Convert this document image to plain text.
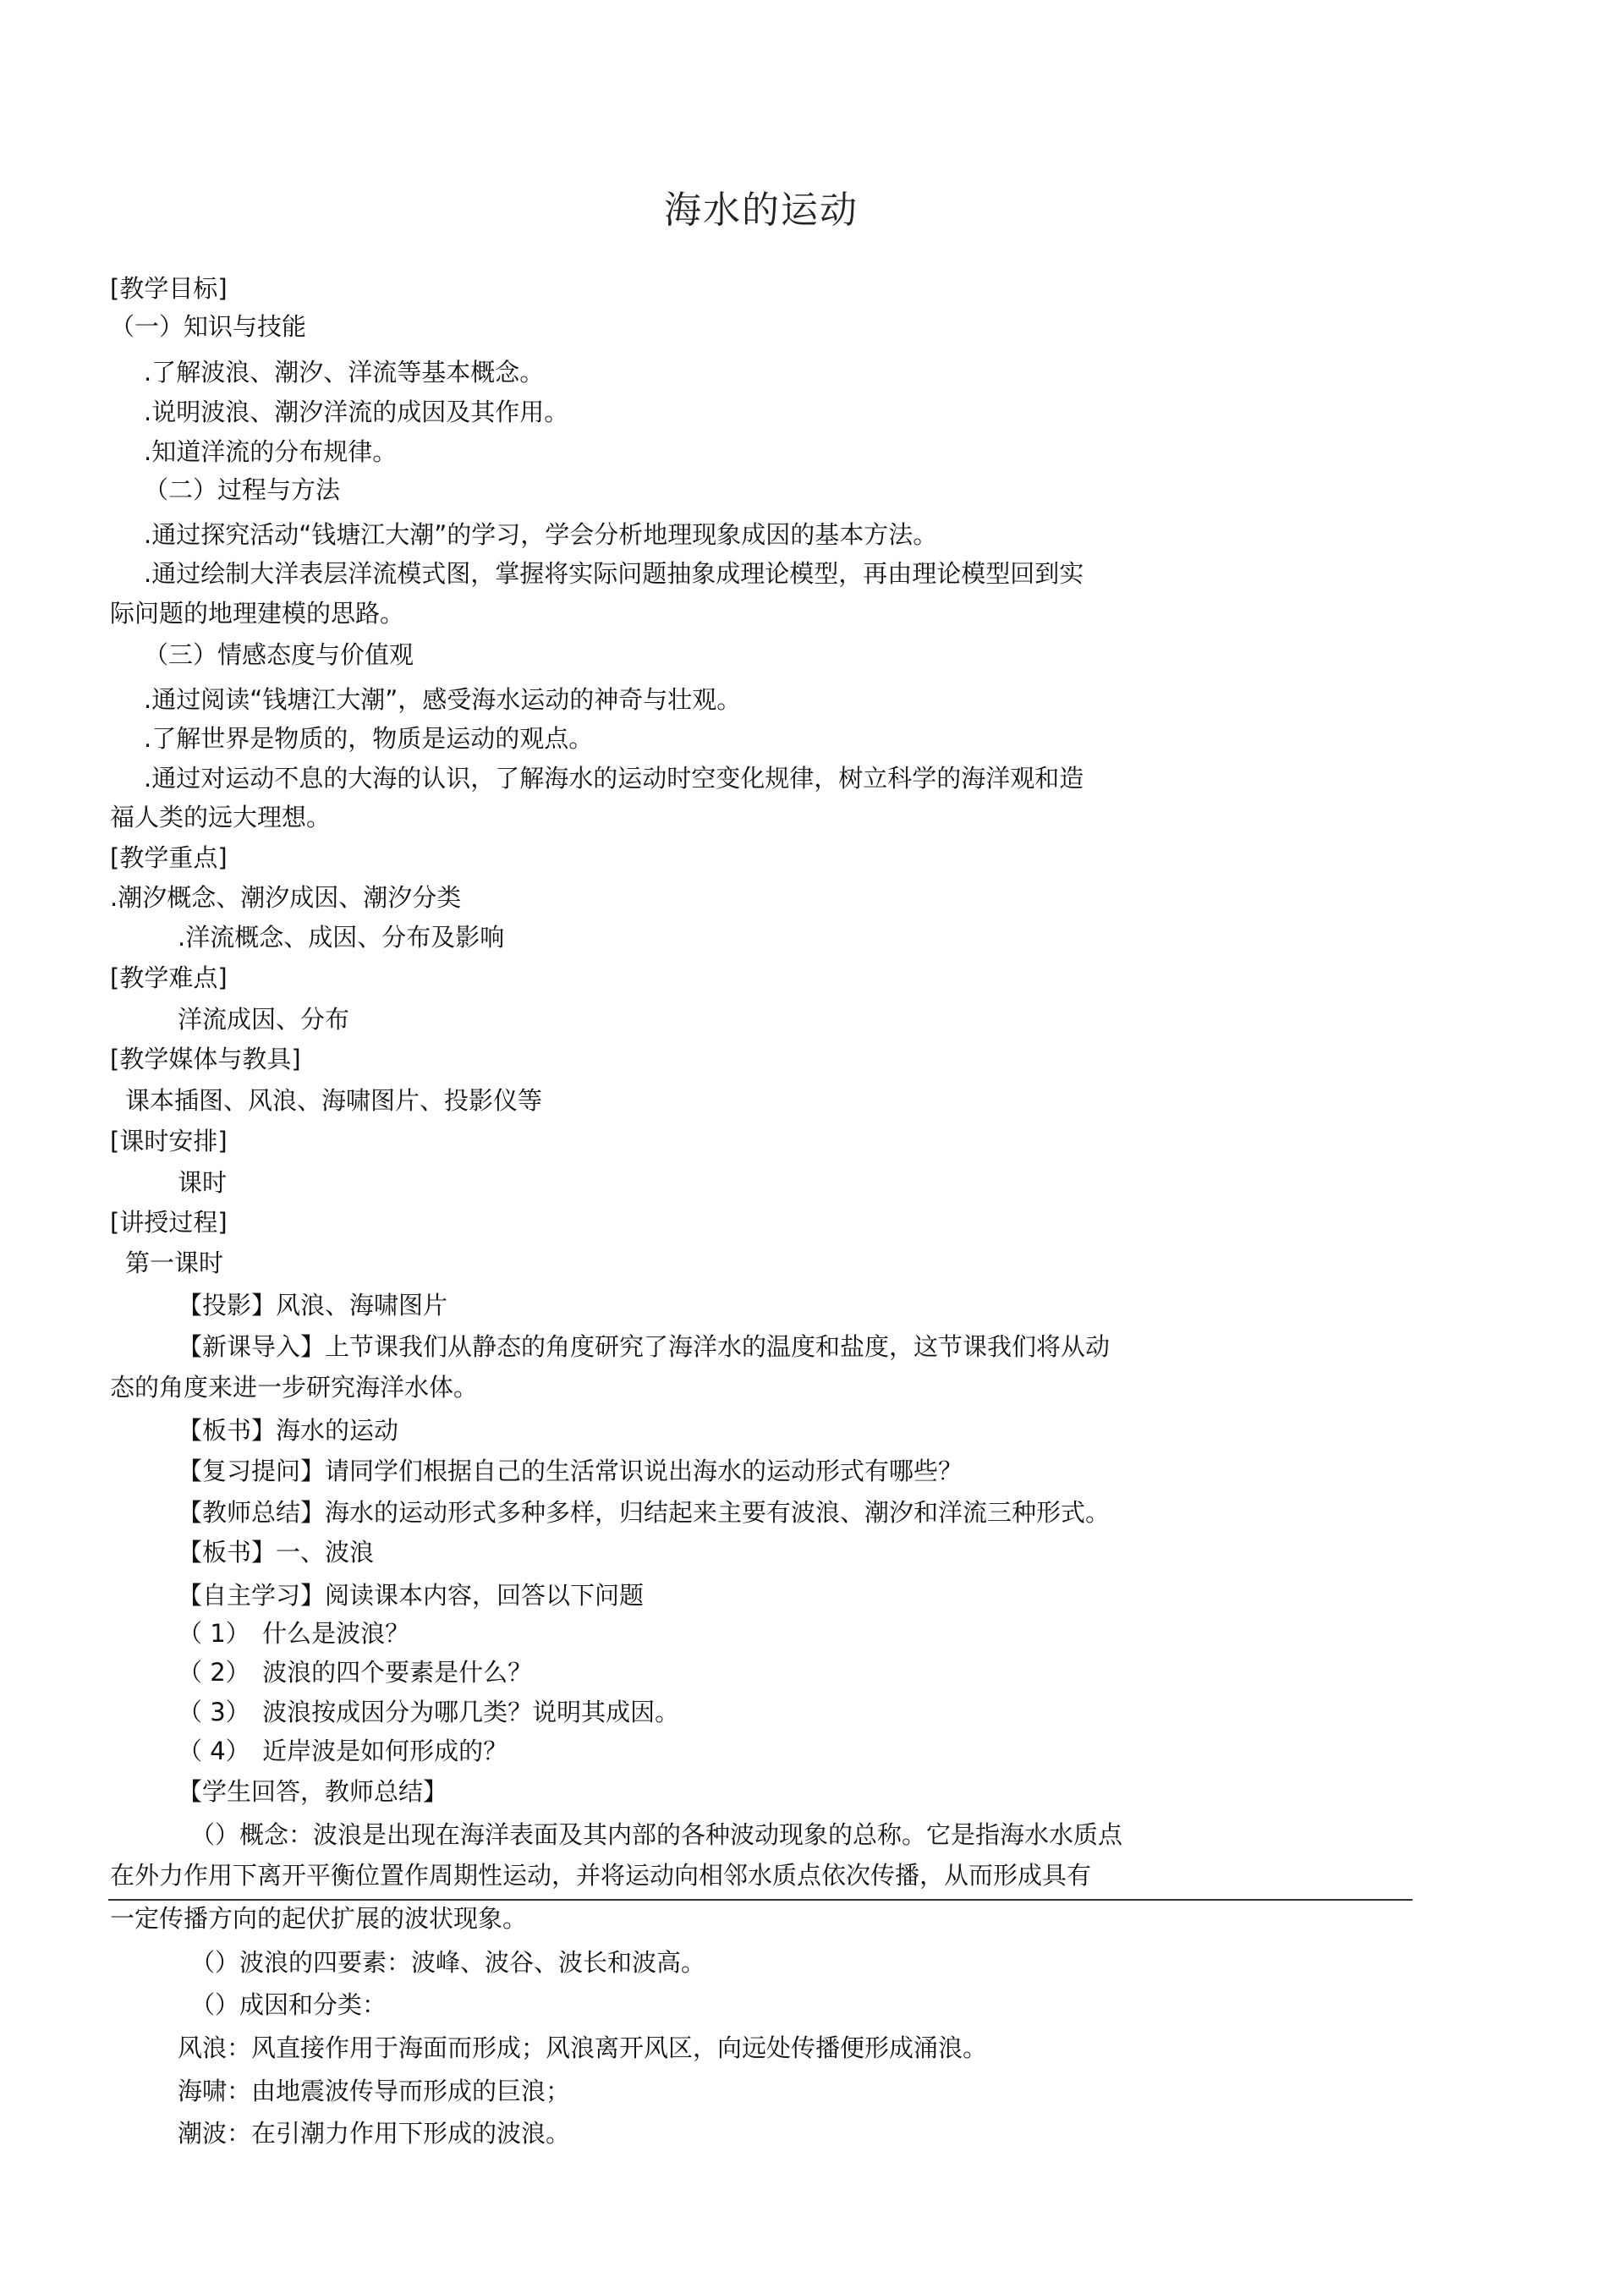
海水的运动
[教学目标]
（一）知识与技能
.了解波浪、潮汐、洋流等基本概念。
.说明波浪、潮汐洋流的成因及其作用。
.知道洋流的分布规律。
（二）过程与方法
.通过探究活动“钱塘江大潮”的学习，学会分析地理现象成因的基本方法。
.通过绘制大洋表层洋流模式图，掌握将实际问题抽象成理论模型，再由理论模型回到实
际问题的地理建模的思路。
（三）情感态度与价值观
.通过阅读“钱塘江大潮”，感受海水运动的神奇与壮观。
.了解世界是物质的，物质是运动的观点。
.通过对运动不息的大海的认识，了解海水的运动时空变化规律，树立科学的海洋观和造
福人类的远大理想。
[教学重点]
.潮汐概念、潮汐成因、潮汐分类
.洋流概念、成因、分布及影响
[教学难点]
洋流成因、分布
[教学媒体与教具]
课本插图、风浪、海啸图片、投影仪等
[课时安排]
课时
[讲授过程]
第一课时
【投影】风浪、海啸图片
【新课导入】上节课我们从静态的角度研究了海洋水的温度和盐度，这节课我们将从动
态的角度来进一步研究海洋水体。
【板书】海水的运动
【复习提问】请同学们根据自己的生活常识说出海水的运动形式有哪些？
【教师总结】海水的运动形式多种多样，归结起来主要有波浪、潮汐和洋流三种形式。
【板书】一、波浪
【自主学习】阅读课本内容，回答以下问题
（ 1）　什么是波浪？
（ 2）　波浪的四个要素是什么？
（ 3）　波浪按成因分为哪几类？说明其成因。
（ 4）　近岸波是如何形成的？
【学生回答，教师总结】
（）概念：波浪是出现在海洋表面及其内部的各种波动现象的总称。它是指海水水质点
在外力作用下离开平衡位置作周期性运动，并将运动向相邻水质点依次传播，从而形成具有
一定传播方向的起伏扩展的波状现象。
（）波浪的四要素：波峰、波谷、波长和波高。
（）成因和分类：
风浪：风直接作用于海面而形成；风浪离开风区，向远处传播便形成涌浪。
海啸：由地震波传导而形成的巨浪；
潮波：在引潮力作用下形成的波浪。
